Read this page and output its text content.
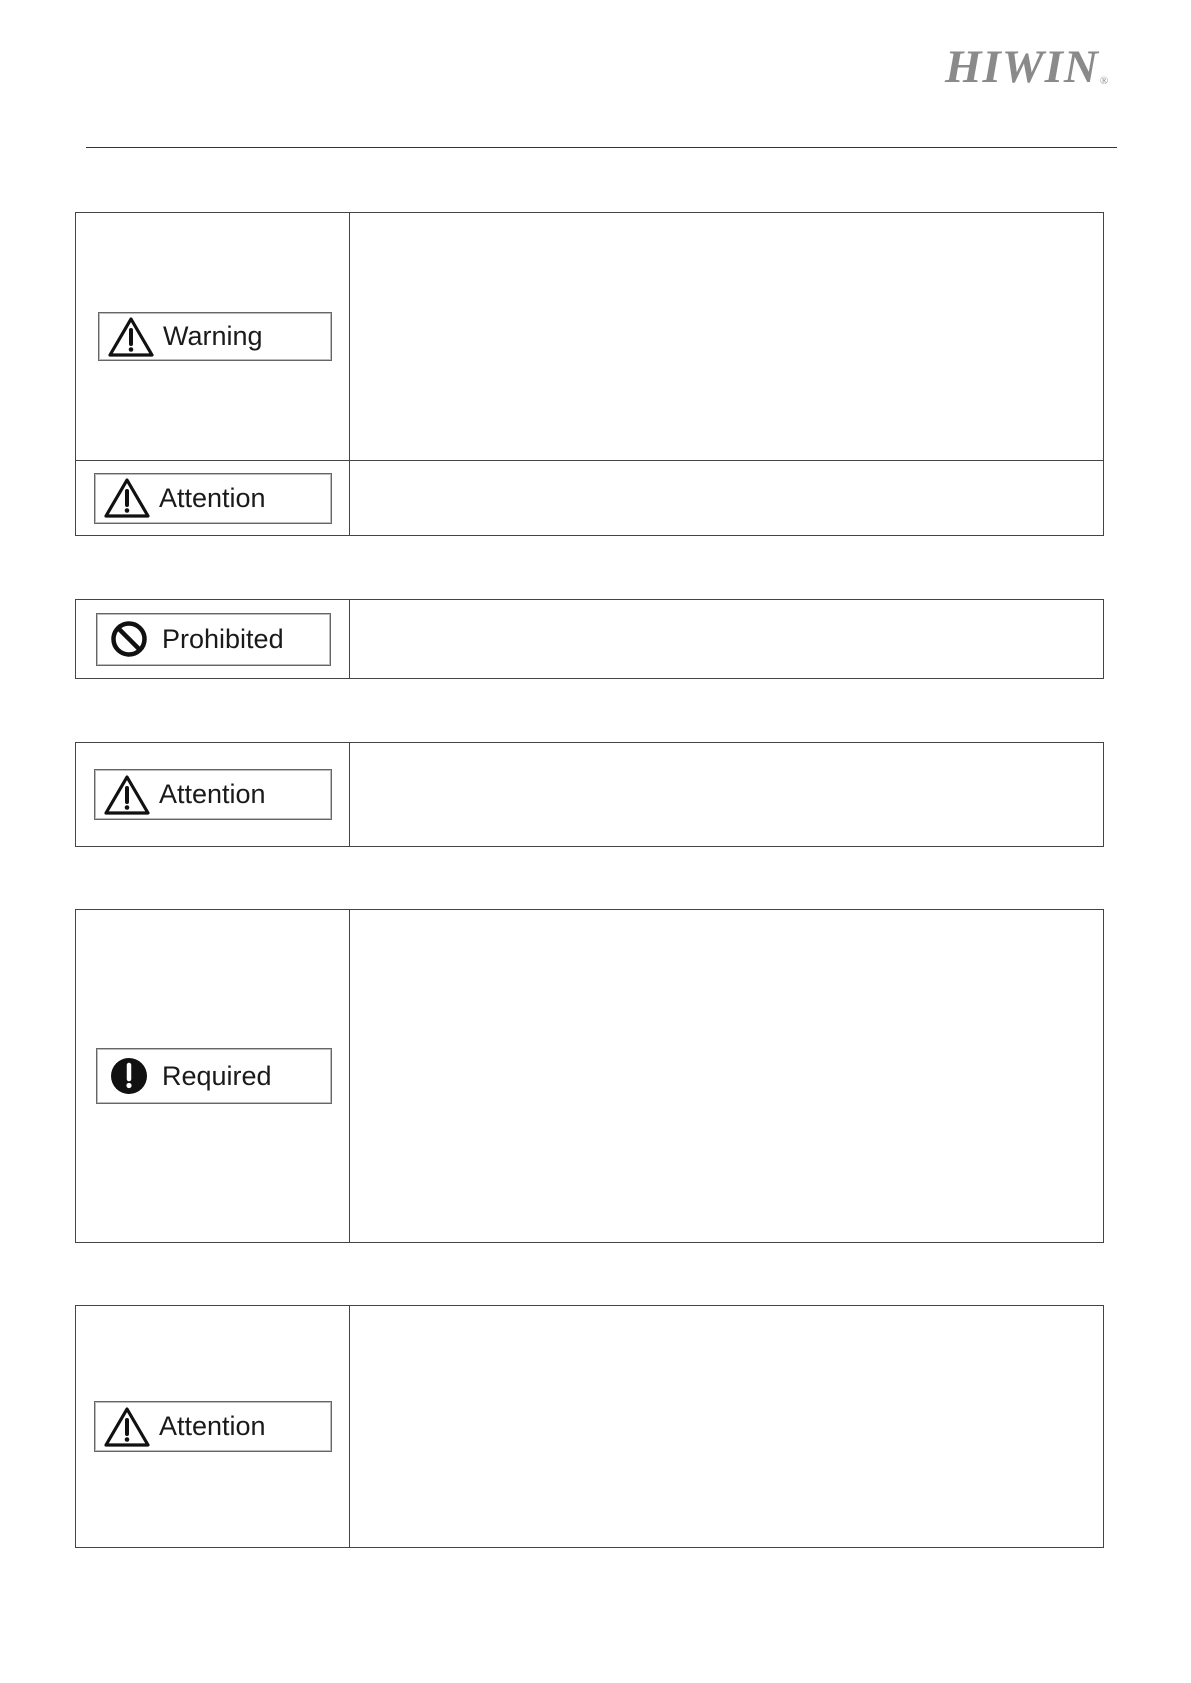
HIWIN®
Warning	

Attention	

Prohibited

Attention

Required

Attention
